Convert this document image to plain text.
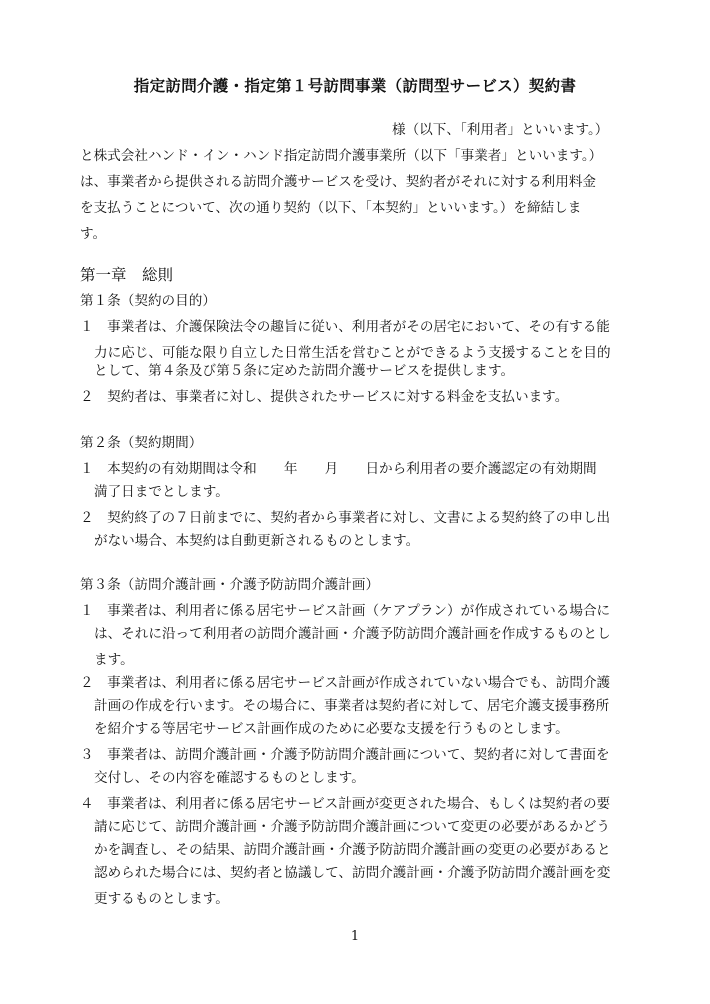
指定訪問介護・指定第１号訪問事業（訪問型サービス）契約書
様（以下、「利用者」といいます。）
と株式会社ハンド・イン・ハンド指定訪問介護事業所（以下「事業者」といいます。）
は、事業者から提供される訪問介護サービスを受け、契約者がそれに対する利用料金
を支払うことについて、次の通り契約（以下、「本契約」といいます。）を締結しま
す。
第一章　総則
第１条（契約の目的）
１　事業者は、介護保険法令の趣旨に従い、利用者がその居宅において、その有する能
力に応じ、可能な限り自立した日常生活を営むことができるよう支援することを目的
として、第４条及び第５条に定めた訪問介護サービスを提供します。
２　契約者は、事業者に対し、提供されたサービスに対する料金を支払います。
第２条（契約期間）
１　本契約の有効期間は令和　　年　　月　　日から利用者の要介護認定の有効期間
満了日までとします。
２　契約終了の７日前までに、契約者から事業者に対し、文書による契約終了の申し出
がない場合、本契約は自動更新されるものとします。
第３条（訪問介護計画・介護予防訪問介護計画）
１　事業者は、利用者に係る居宅サービス計画（ケアプラン）が作成されている場合に
は、それに沿って利用者の訪問介護計画・介護予防訪問介護計画を作成するものとし
ます。
２　事業者は、利用者に係る居宅サービス計画が作成されていない場合でも、訪問介護
計画の作成を行います。その場合に、事業者は契約者に対して、居宅介護支援事務所
を紹介する等居宅サービス計画作成のために必要な支援を行うものとします。
３　事業者は、訪問介護計画・介護予防訪問介護計画について、契約者に対して書面を
交付し、その内容を確認するものとします。
４　事業者は、利用者に係る居宅サービス計画が変更された場合、もしくは契約者の要
請に応じて、訪問介護計画・介護予防訪問介護計画について変更の必要があるかどう
かを調査し、その結果、訪問介護計画・介護予防訪問介護計画の変更の必要があると
認められた場合には、契約者と協議して、訪問介護計画・介護予防訪問介護計画を変
更するものとします。
1
